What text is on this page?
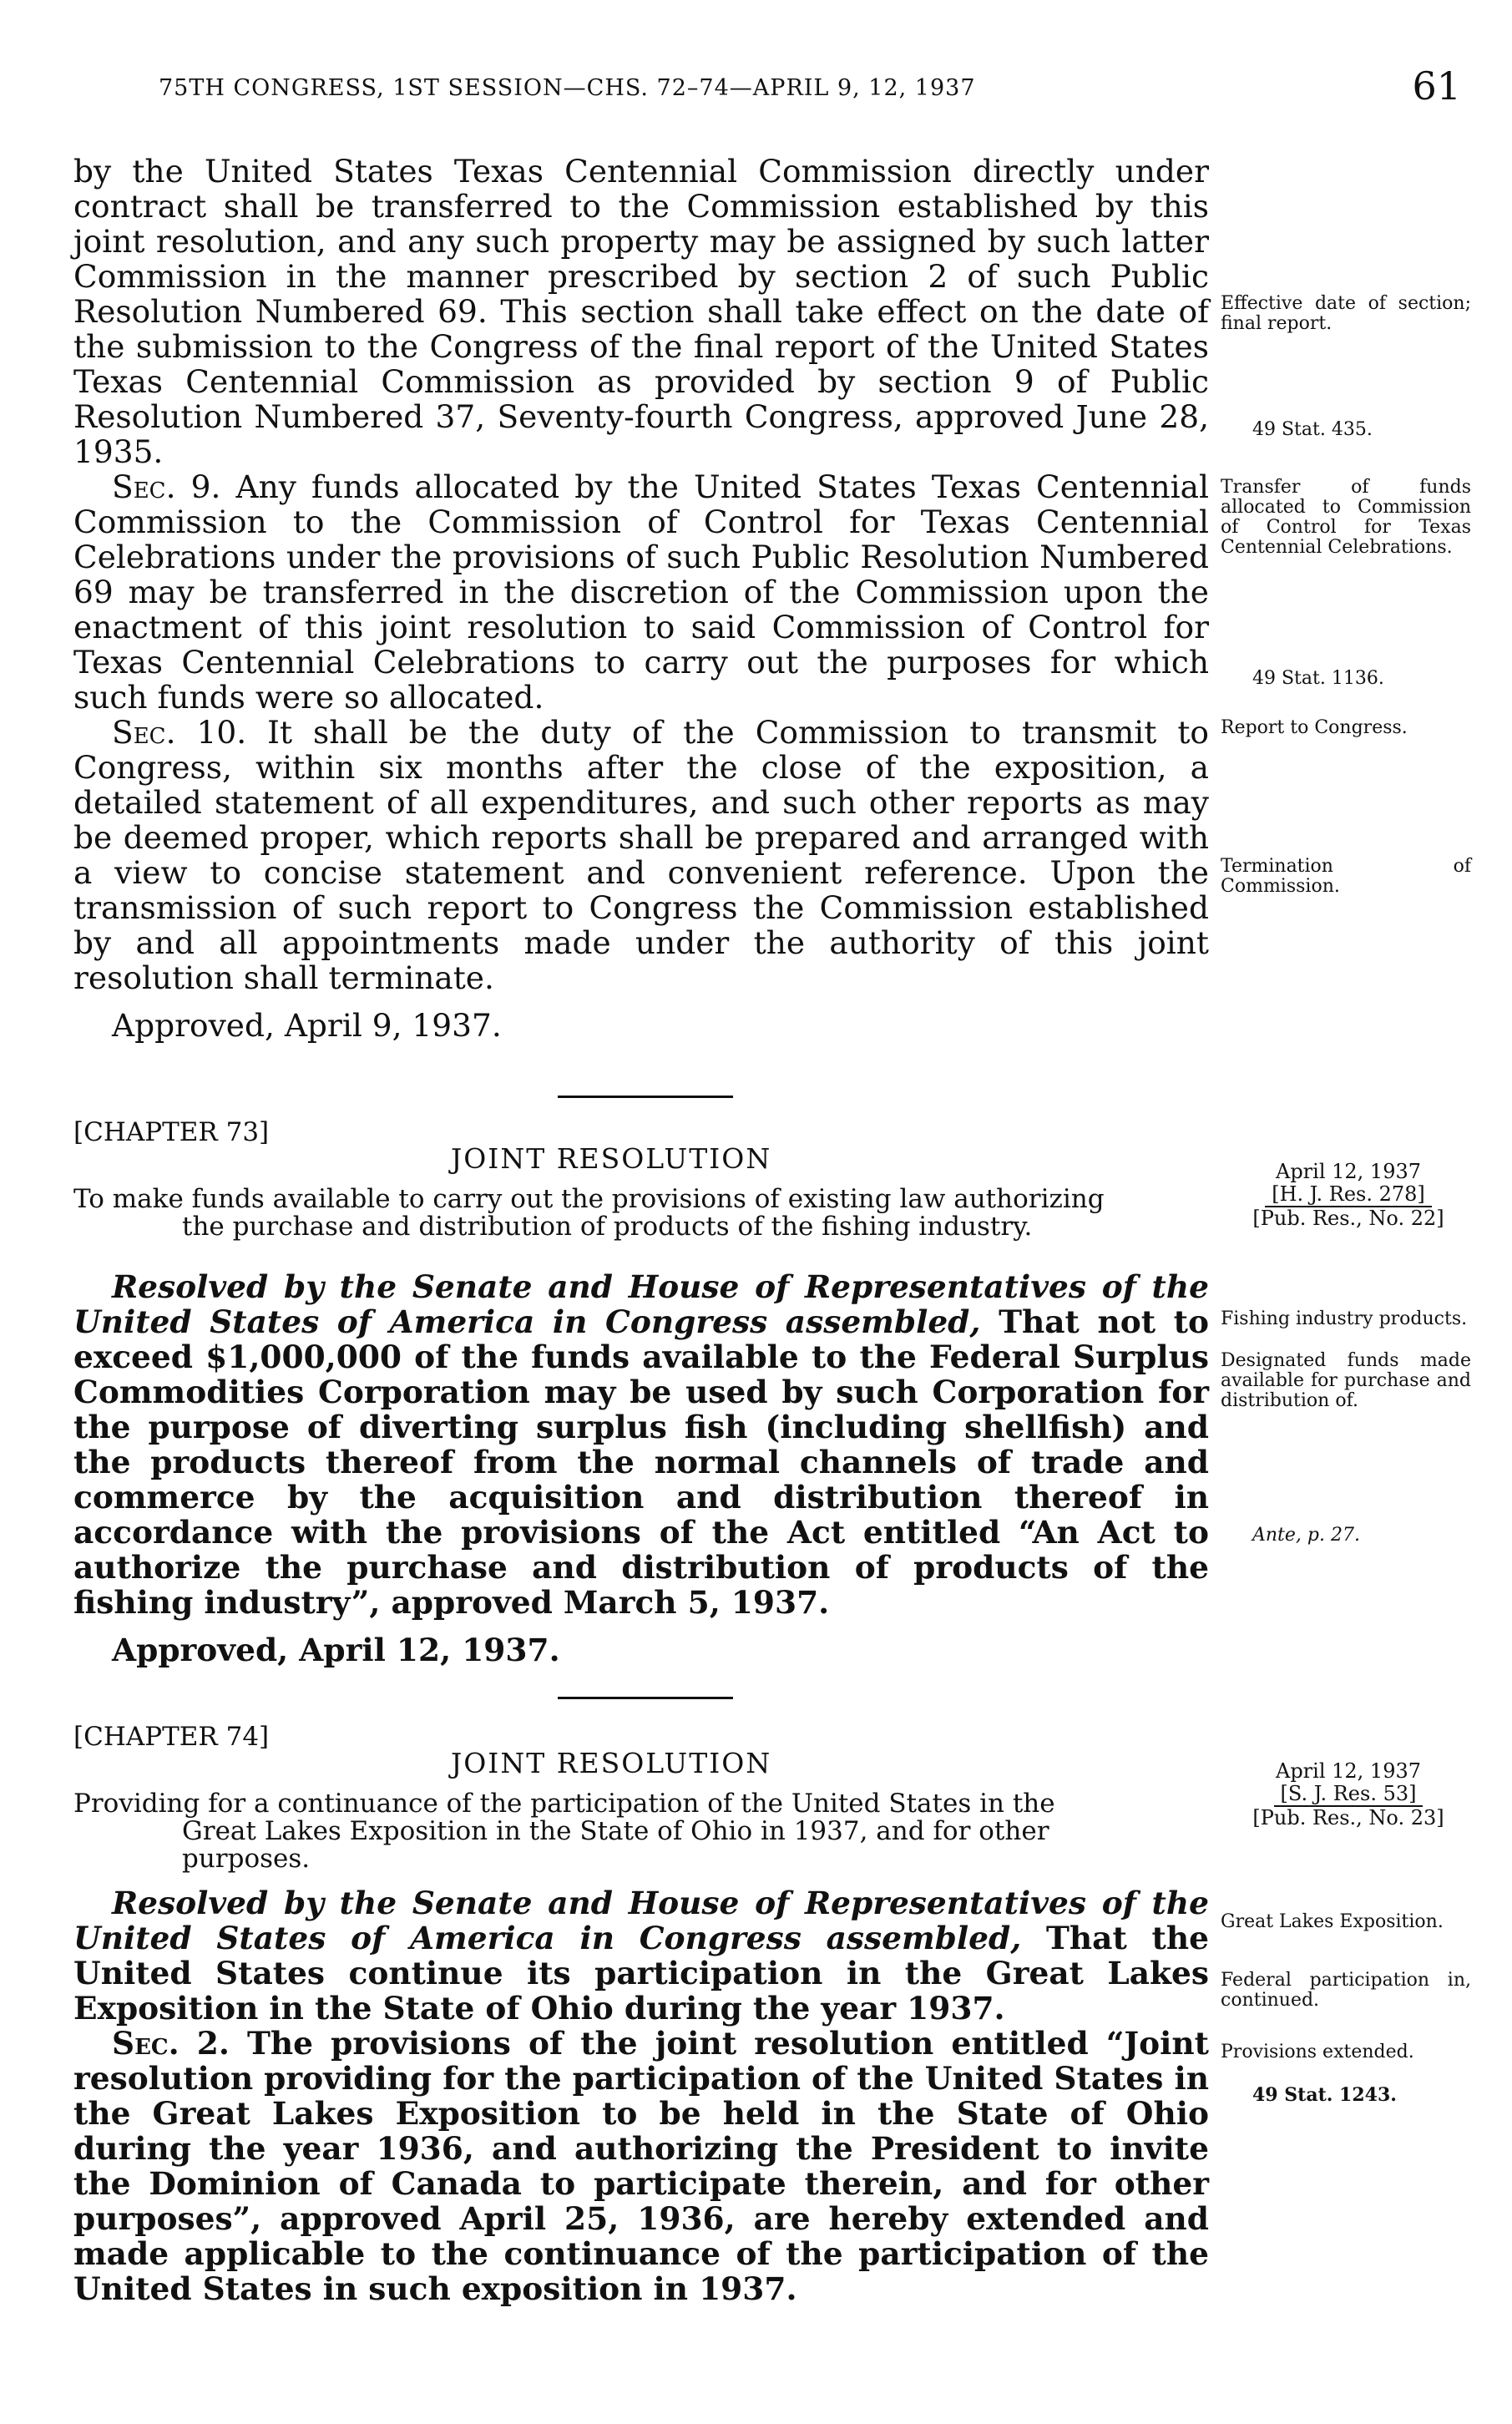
75TH CONGRESS, 1ST SESSION—CHS. 72–74—APRIL 9, 12, 1937	61

by the United States Texas Centennial Commission directly under contract shall be transferred to the Commission established by this joint resolution, and any such property may be assigned by such latter Commission in the manner prescribed by section 2 of such Public Resolution Numbered 69. This section shall take effect on the date of the submission to the Congress of the final report of the United States Texas Centennial Commission as provided by section 9 of Public Resolution Numbered 37, Seventy-fourth Congress, approved June 28, 1935.

Sec. 9. Any funds allocated by the United States Texas Centennial Commission to the Commission of Control for Texas Centennial Celebrations under the provisions of such Public Resolution Numbered 69 may be transferred in the discretion of the Commission upon the enactment of this joint resolution to said Commission of Control for Texas Centennial Celebrations to carry out the purposes for which such funds were so allocated.

Sec. 10. It shall be the duty of the Commission to transmit to Congress, within six months after the close of the exposition, a detailed statement of all expenditures, and such other reports as may be deemed proper, which reports shall be prepared and arranged with a view to concise statement and convenient reference. Upon the transmission of such report to Congress the Commission established by and all appointments made under the authority of this joint resolution shall terminate.

Approved, April 9, 1937.

Effective date of section; final report.
49 Stat. 435.
Transfer of funds allocated to Commission of Control for Texas Centennial Celebrations.
49 Stat. 1136.
Report to Congress.
Termination of Commission.
[CHAPTER 73]
JOINT RESOLUTION
To make funds available to carry out the provisions of existing law authorizing
the purchase and distribution of products of the fishing industry.
April 12, 1937
[H. J. Res. 278]
[Pub. Res., No. 22]

Resolved by the Senate and House of Representatives of the United States of America in Congress assembled, That not to exceed $1,000,000 of the funds available to the Federal Surplus Commodities Corporation may be used by such Corporation for the purpose of diverting surplus fish (including shellfish) and the products thereof from the normal channels of trade and commerce by the acquisition and distribution thereof in accordance with the provisions of the Act entitled “An Act to authorize the purchase and distribution of products of the fishing industry”, approved March 5, 1937.

Approved, April 12, 1937.

Fishing industry products.
Designated funds made available for purchase and distribution of.
Ante, p. 27.
[CHAPTER 74]
JOINT RESOLUTION
Providing for a continuance of the participation of the United States in the
Great Lakes Exposition in the State of Ohio in 1937, and for other
purposes.
April 12, 1937
[S. J. Res. 53]
[Pub. Res., No. 23]

Resolved by the Senate and House of Representatives of the United States of America in Congress assembled, That the United States continue its participation in the Great Lakes Exposition in the State of Ohio during the year 1937.

Sec. 2. The provisions of the joint resolution entitled “Joint resolution providing for the participation of the United States in the Great Lakes Exposition to be held in the State of Ohio during the year 1936, and authorizing the President to invite the Dominion of Canada to participate therein, and for other purposes”, approved April 25, 1936, are hereby extended and made applicable to the continuance of the participation of the United States in such exposition in 1937.

Great Lakes Exposition.
Federal participation in, continued.
Provisions extended.
49 Stat. 1243.
